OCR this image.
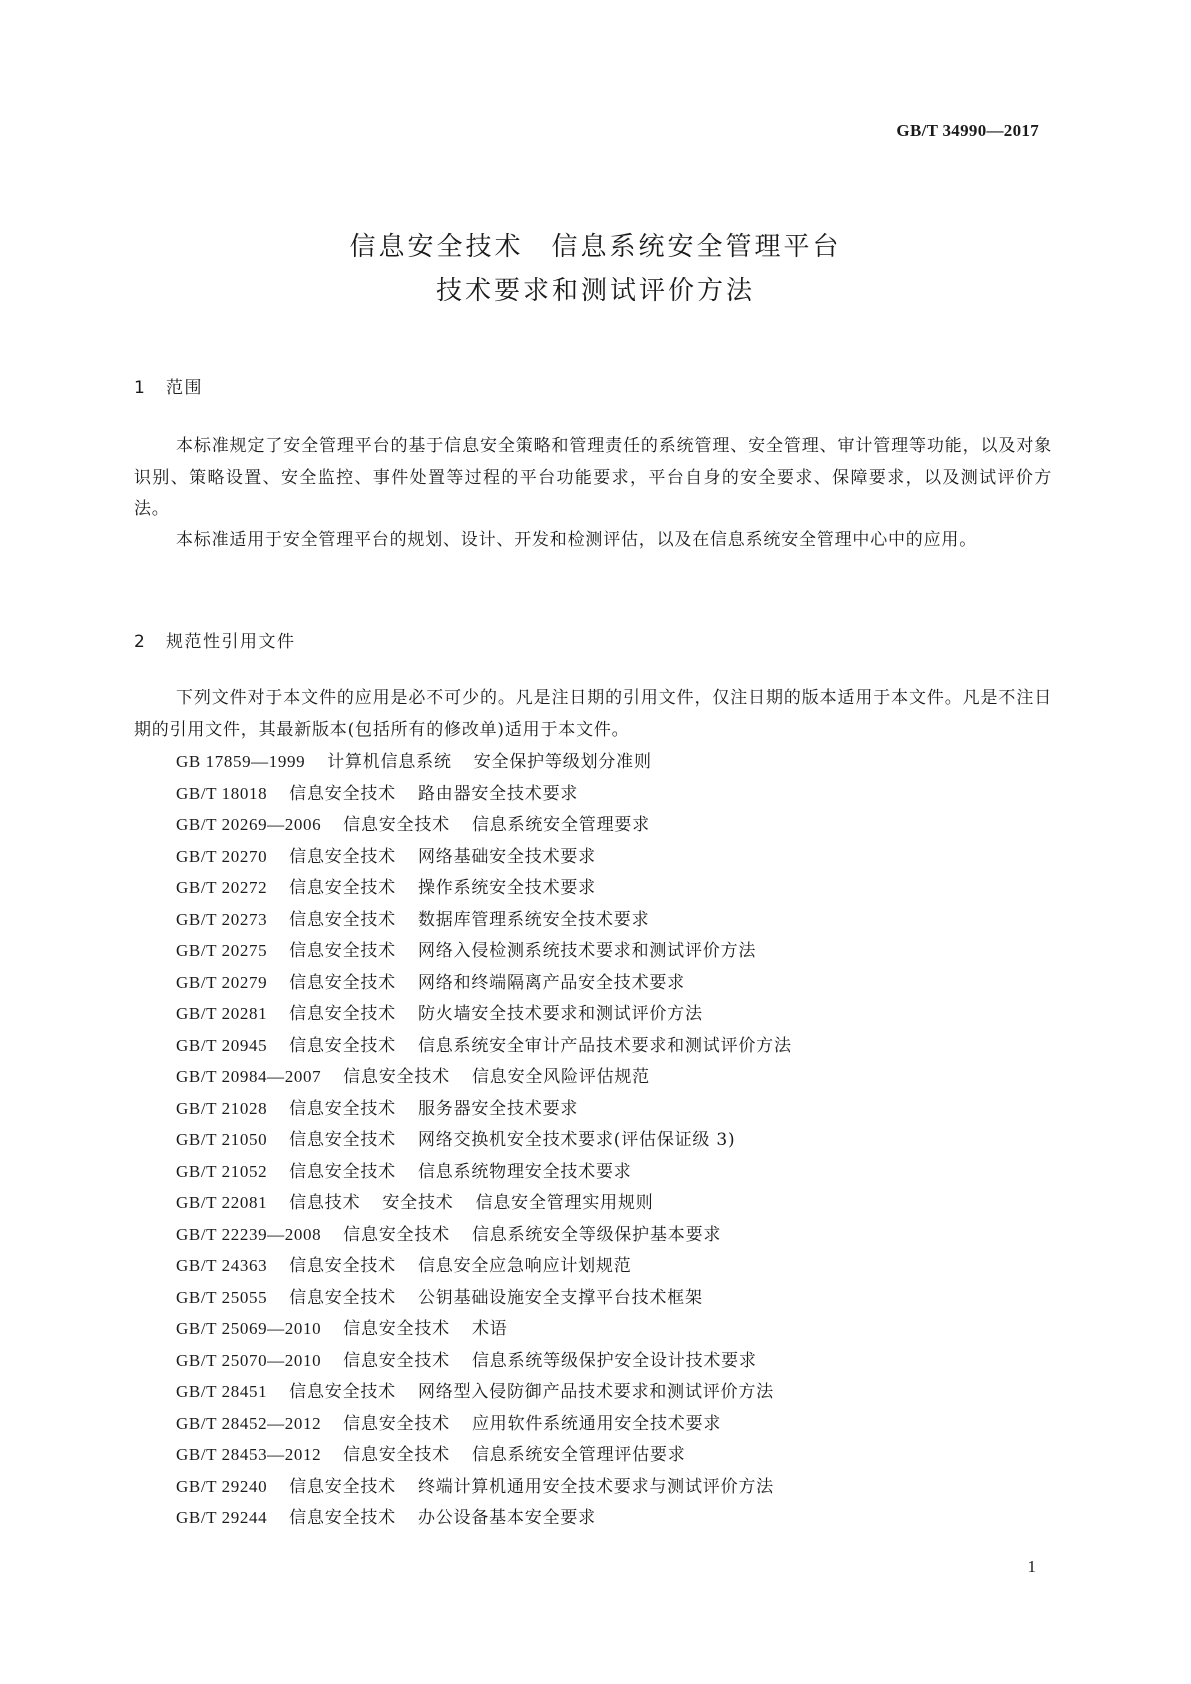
GB/T 34990—2017
信息安全技术 信息系统安全管理平台
技术要求和测试评价方法
1 范围

本标准规定了安全管理平台的基于信息安全策略和管理责任的系统管理、安全管理、审计管理等功能，以及对象识别、策略设置、安全监控、事件处置等过程的平台功能要求，平台自身的安全要求、保障要求，以及测试评价方法。

本标准适用于安全管理平台的规划、设计、开发和检测评估，以及在信息系统安全管理中心中的应用。

2 规范性引用文件

下列文件对于本文件的应用是必不可少的。凡是注日期的引用文件，仅注日期的版本适用于本文件。凡是不注日期的引用文件，其最新版本(包括所有的修改单)适用于本文件。

GB 17859—1999 计算机信息系统 安全保护等级划分准则
GB/T 18018 信息安全技术 路由器安全技术要求
GB/T 20269—2006 信息安全技术 信息系统安全管理要求
GB/T 20270 信息安全技术 网络基础安全技术要求
GB/T 20272 信息安全技术 操作系统安全技术要求
GB/T 20273 信息安全技术 数据库管理系统安全技术要求
GB/T 20275 信息安全技术 网络入侵检测系统技术要求和测试评价方法
GB/T 20279 信息安全技术 网络和终端隔离产品安全技术要求
GB/T 20281 信息安全技术 防火墙安全技术要求和测试评价方法
GB/T 20945 信息安全技术 信息系统安全审计产品技术要求和测试评价方法
GB/T 20984—2007 信息安全技术 信息安全风险评估规范
GB/T 21028 信息安全技术 服务器安全技术要求
GB/T 21050 信息安全技术 网络交换机安全技术要求(评估保证级 3)
GB/T 21052 信息安全技术 信息系统物理安全技术要求
GB/T 22081 信息技术 安全技术 信息安全管理实用规则
GB/T 22239—2008 信息安全技术 信息系统安全等级保护基本要求
GB/T 24363 信息安全技术 信息安全应急响应计划规范
GB/T 25055 信息安全技术 公钥基础设施安全支撑平台技术框架
GB/T 25069—2010 信息安全技术 术语
GB/T 25070—2010 信息安全技术 信息系统等级保护安全设计技术要求
GB/T 28451 信息安全技术 网络型入侵防御产品技术要求和测试评价方法
GB/T 28452—2012 信息安全技术 应用软件系统通用安全技术要求
GB/T 28453—2012 信息安全技术 信息系统安全管理评估要求
GB/T 29240 信息安全技术 终端计算机通用安全技术要求与测试评价方法
GB/T 29244 信息安全技术 办公设备基本安全要求
1
